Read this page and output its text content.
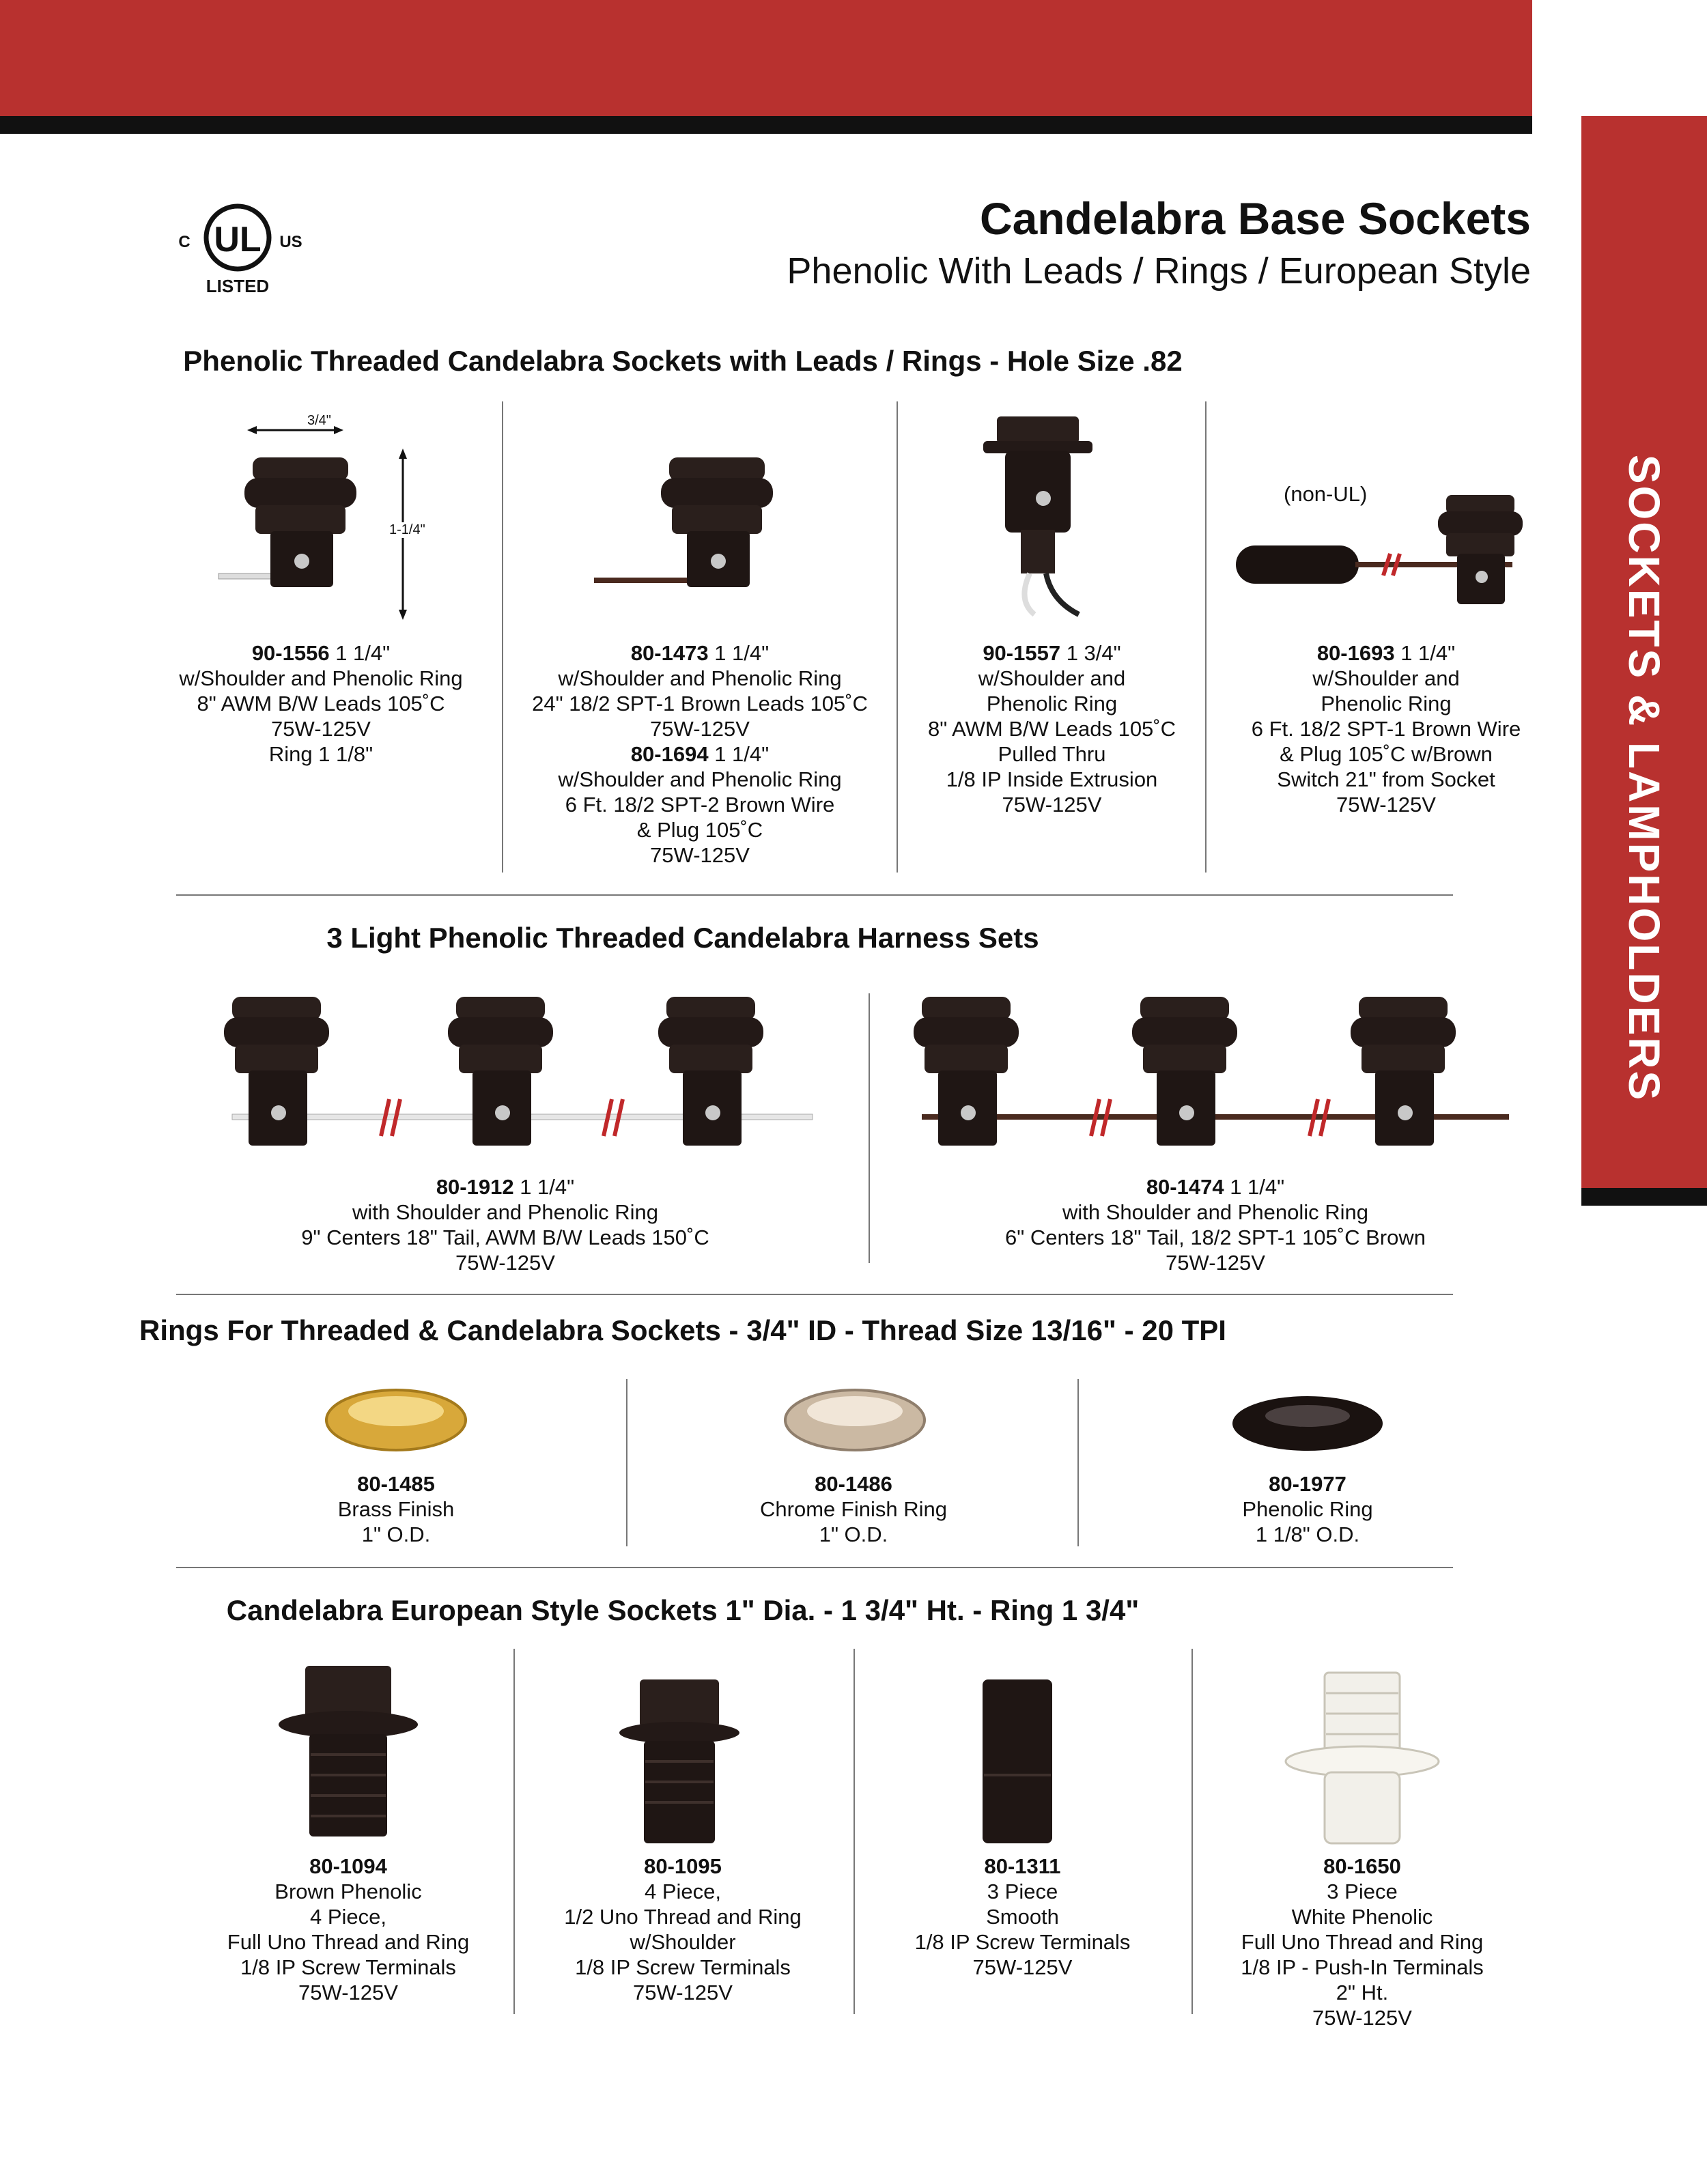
SOCKETS & LAMPHOLDERS
UL
C	US
LISTED
Candelabra Base Sockets
Phenolic With Leads / Rings / European Style
Phenolic Threaded Candelabra Sockets with Leads / Rings - Hole Size .82
3/4"
1-1/4"
(non-UL)
90-1556 1 1/4"
w/Shoulder and Phenolic Ring
8" AWM B/W Leads 105˚C
75W-125V
Ring 1 1/8"
80-1473 1 1/4"
w/Shoulder and Phenolic Ring
24" 18/2 SPT-1 Brown Leads 105˚C
75W-125V
80-1694 1 1/4"
w/Shoulder and Phenolic Ring
6 Ft. 18/2 SPT-2 Brown Wire
& Plug 105˚C
75W-125V
90-1557 1 3/4"
w/Shoulder and
Phenolic Ring
8" AWM B/W Leads 105˚C
Pulled Thru
1/8 IP Inside Extrusion
75W-125V
80-1693 1 1/4"
w/Shoulder and
Phenolic Ring
6 Ft. 18/2 SPT-1 Brown Wire
& Plug 105˚C w/Brown
Switch 21" from Socket
75W-125V
3 Light Phenolic Threaded Candelabra Harness Sets
80-1912 1 1/4"
with Shoulder and Phenolic Ring
9" Centers 18" Tail, AWM B/W Leads 150˚C
75W-125V
80-1474 1 1/4"
with Shoulder and Phenolic Ring
6" Centers 18" Tail, 18/2 SPT-1 105˚C Brown
75W-125V
Rings For Threaded & Candelabra Sockets - 3/4" ID - Thread Size 13/16" - 20 TPI
80-1485
Brass Finish
1" O.D.
80-1486
Chrome Finish Ring
1" O.D.
80-1977
Phenolic Ring
1 1/8" O.D.
Candelabra European Style Sockets 1" Dia. - 1 3/4" Ht. - Ring 1 3/4"
80-1094
Brown Phenolic
4 Piece,
Full Uno Thread and Ring
1/8 IP Screw Terminals
75W-125V
80-1095
4 Piece,
1/2 Uno Thread and Ring
w/Shoulder
1/8 IP Screw Terminals
75W-125V
80-1311
3 Piece
Smooth
1/8 IP Screw Terminals
75W-125V
80-1650
3 Piece
White Phenolic
Full Uno Thread and Ring
1/8 IP - Push-In Terminals
2" Ht.
75W-125V
